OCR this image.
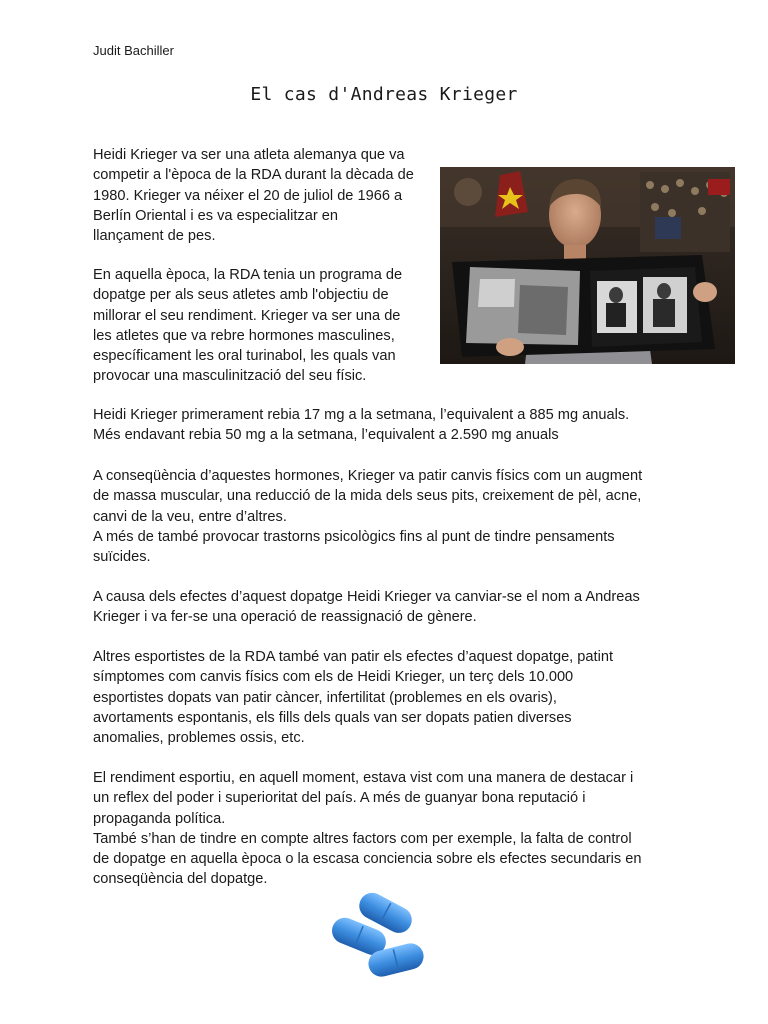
Judit Bachiller
El cas d'Andreas Krieger

Heidi Krieger va ser una atleta alemanya que va
competir a l'època de la RDA durant la dècada de
1980. Krieger va néixer el 20 de juliol de 1966 a
Berlín Oriental i es va especialitzar en
llançament de pes.

En aquella època, la RDA tenia un programa de
dopatge per als seus atletes amb l'objectiu de
millorar el seu rendiment. Krieger va ser una de
les atletes que va rebre hormones masculines,
específicament les oral turinabol, les quals van
provocar una masculinització del seu físic.

Heidi Krieger primerament rebia 17 mg a la setmana, l’equivalent a 885 mg anuals.
Més endavant rebia 50 mg a la setmana, l’equivalent a 2.590 mg anuals

A conseqüència d’aquestes hormones, Krieger va patir canvis físics com un augment
de massa muscular, una reducció de la mida dels seus pits, creixement de pèl, acne,
canvi de la veu, entre d’altres.
A més de també provocar trastorns psicològics fins al punt de tindre pensaments
suïcides.

A causa dels efectes d’aquest dopatge Heidi Krieger va canviar-se el nom a Andreas
Krieger i va fer-se una operació de reassignació de gènere.

Altres esportistes de la RDA també van patir els efectes d’aquest dopatge, patint
símptomes com canvis físics com els de Heidi Krieger, un terç dels 10.000
esportistes dopats van patir càncer, infertilitat (problemes en els ovaris),
avortaments espontanis, els fills dels quals van ser dopats patien diverses
anomalies, problemes ossis, etc.

El rendiment esportiu, en aquell moment, estava vist com una manera de destacar i
un reflex del poder i superioritat del país. A més de guanyar bona reputació i
propaganda política.
També s’han de tindre en compte altres factors com per exemple, la falta de control
de dopatge en aquella època o la escasa conciencia sobre els efectes secundaris en
conseqüència del dopatge.
